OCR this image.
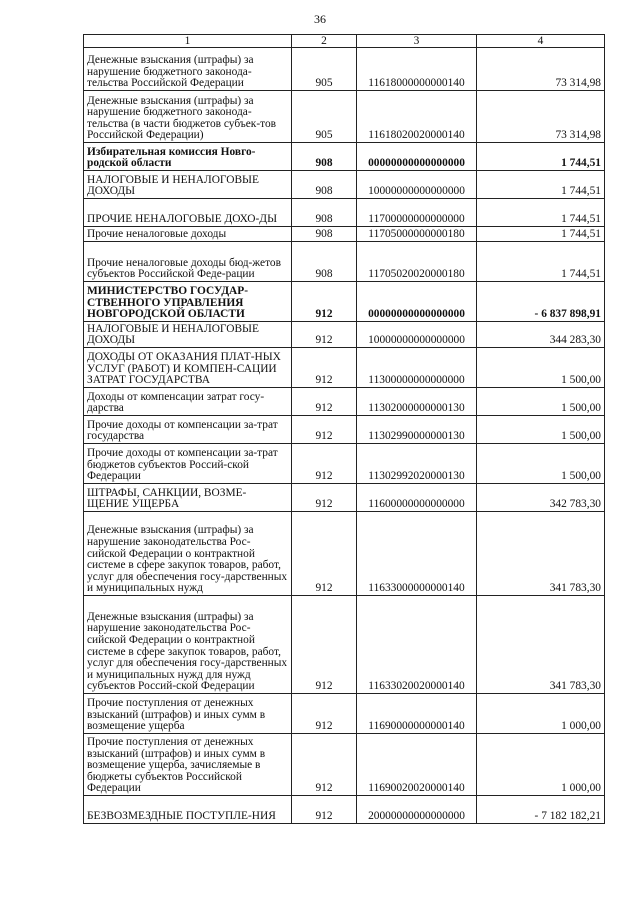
36
1	2	3	4
Денежные взыскания (штрафы) за нарушение бюджетного законода-тельства Российской Федерации	905	11618000000000140	73 314,98
Денежные взыскания (штрафы) за нарушение бюджетного законода-тельства (в части бюджетов субъек-тов Российской Федерации)	905	11618020020000140	73 314,98
Избирательная комиссия Новго-родской области	908	00000000000000000	1 744,51
НАЛОГОВЫЕ И НЕНАЛОГОВЫЕ ДОХОДЫ	908	10000000000000000	1 744,51
ПРОЧИЕ НЕНАЛОГОВЫЕ ДОХО-ДЫ	908	11700000000000000	1 744,51
Прочие неналоговые доходы	908	11705000000000180	1 744,51
Прочие неналоговые доходы бюд-жетов субъектов Российской Феде-рации	908	11705020020000180	1 744,51
МИНИСТЕРСТВО ГОСУДАР-СТВЕННОГО УПРАВЛЕНИЯ НОВГОРОДСКОЙ ОБЛАСТИ	912	00000000000000000	- 6 837 898,91
НАЛОГОВЫЕ И НЕНАЛОГОВЫЕ ДОХОДЫ	912	10000000000000000	344 283,30
ДОХОДЫ ОТ ОКАЗАНИЯ ПЛАТ-НЫХ УСЛУГ (РАБОТ) И КОМПЕН-САЦИИ ЗАТРАТ ГОСУДАРСТВА	912	11300000000000000	1 500,00
Доходы от компенсации затрат госу-дарства	912	11302000000000130	1 500,00
Прочие доходы от компенсации за-трат государства	912	11302990000000130	1 500,00
Прочие доходы от компенсации за-трат бюджетов субъектов Россий-ской Федерации	912	11302992020000130	1 500,00
ШТРАФЫ, САНКЦИИ, ВОЗМЕ-ЩЕНИЕ УЩЕРБА	912	11600000000000000	342 783,30
Денежные взыскания (штрафы) за нарушение законодательства Рос-сийской Федерации о контрактной системе в сфере закупок товаров, работ, услуг для обеспечения госу-дарственных и муниципальных нужд	912	11633000000000140	341 783,30
Денежные взыскания (штрафы) за нарушение законодательства Рос-сийской Федерации о контрактной системе в сфере закупок товаров, работ, услуг для обеспечения госу-дарственных и муниципальных нужд для нужд субъектов Россий-ской Федерации	912	11633020020000140	341 783,30
Прочие поступления от денежных взысканий (штрафов) и иных сумм в возмещение ущерба	912	11690000000000140	1 000,00
Прочие поступления от денежных взысканий (штрафов) и иных сумм в возмещение ущерба, зачисляемые в бюджеты субъектов Российской Федерации	912	11690020020000140	1 000,00
БЕЗВОЗМЕЗДНЫЕ ПОСТУПЛЕ-НИЯ	912	20000000000000000	- 7 182 182,21
